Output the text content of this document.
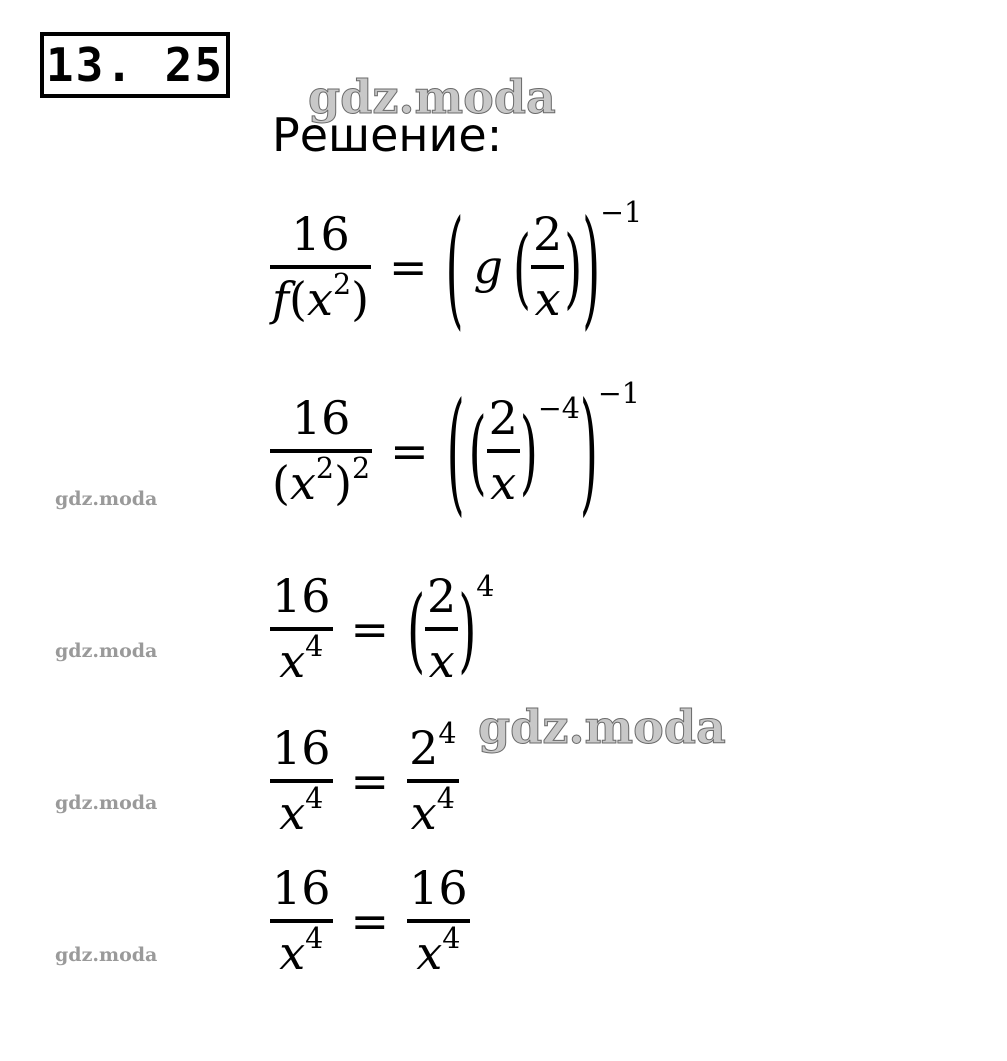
13. 25
gdz.moda
Решение:
$\frac{16}{f(x^2)}$ = ( g ( $\frac{2}{x}$ ) ) −1
gdz.moda $\frac{16}{(x^2)^2}$ = ( ( $\frac{2}{x}$ ) −4 ) −1
gdz.moda $\frac{16}{x^4}$ = ( $\frac{2}{x}$ ) 4
gdz.moda
gdz.moda $\frac{16}{x^4} = \frac{2^4}{x^4}$
gdz.moda $\frac{16}{x^4} = \frac{16}{x^4}$
